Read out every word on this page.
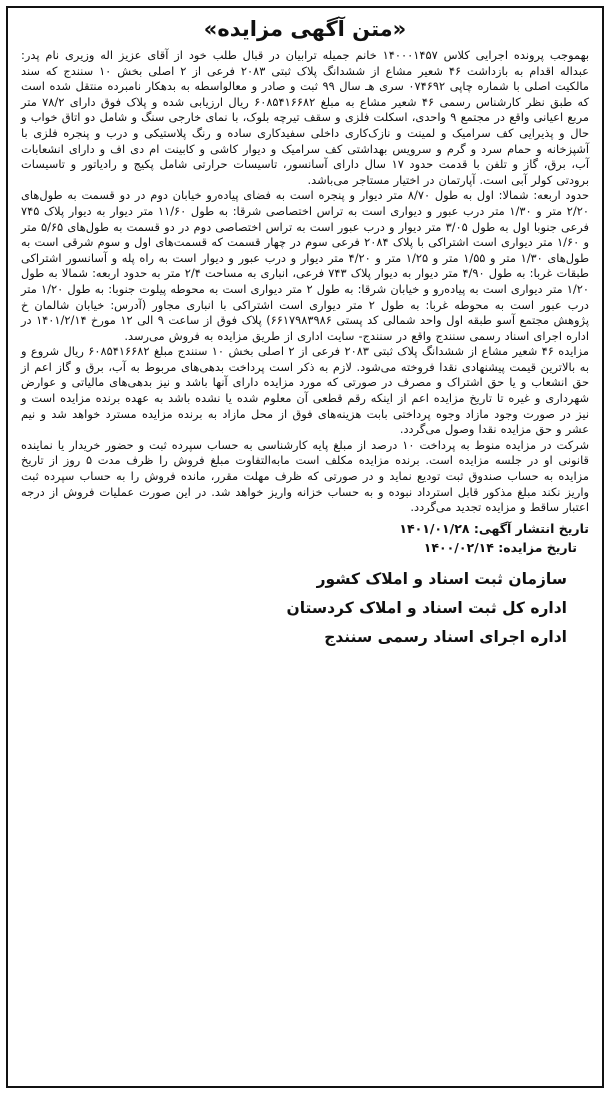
«متن آگهی مزایده»

بهموجب پرونده اجرایی کلاس ۱۴۰۰۰۱۴۵۷ خانم جمیله ترابیان در قبال طلب خود از آقای عزیز اله وزیری نام پدر: عبداله اقدام به بازداشت ۴۶ شعیر مشاع از ششدانگ پلاک ثبتی ۲۰۸۳ فرعی از ۲ اصلی بخش ۱۰ سنندج که سند مالکیت اصلی با شماره چاپی ۰۷۴۶۹۲ سری هـ سال ۹۹ ثبت و صادر و معالواسطه به بدهکار نامبرده منتقل شده است که طبق نظر کارشناس رسمی ۴۶ شعیر مشاع به مبلغ ۶۰۸۵۴۱۶۶۸۲ ریال ارزیابی شده و پلاک فوق دارای ۷۸/۲ متر مربع اعیانی واقع در مجتمع ۹ واحدی، اسکلت فلزی و سقف تیرچه بلوک، با نمای خارجی سنگ و شامل دو اتاق خواب و حال و پذیرایی کف سرامیک و لمینت و نازک‌کاری داخلی سفیدکاری ساده و رنگ پلاستیکی و درب و پنجره فلزی با آشپزخانه و حمام سرد و گرم و سرویس بهداشتی کف سرامیک و دیوار کاشی و کابینت ام دی اف و دارای انشعابات آب، برق، گاز و تلفن با قدمت حدود ۱۷ سال دارای آسانسور، تاسیسات حرارتی شامل پکیج و رادیاتور و تاسیسات برودتی کولر آبی است. آپارتمان در اختیار مستاجر می‌باشد.

حدود اربعه: شمالا: اول به طول ۸/۷۰ متر دیوار و پنجره است به فضای پیاده‌رو خیابان دوم در دو قسمت به طول‌های ۲/۲۰ متر و ۱/۳۰ متر درب عبور و دیواری است به تراس اختصاصی شرقا: به طول ۱۱/۶۰ متر دیوار به دیوار پلاک ۷۴۵ فرعی جنوبا اول به طول ۳/۰۵ متر دیوار و درب عبور است به تراس اختصاصی دوم در دو قسمت به طول‌های ۵/۶۵ متر و ۱/۶۰ متر دیواری است اشتراکی با پلاک ۲۰۸۴ فرعی سوم در چهار قسمت که قسمت‌های اول و سوم شرقی است به طول‌های ۱/۳۰ متر و ۱/۵۵ متر و ۱/۲۵ متر و ۴/۲۰ متر دیوار و درب عبور و دیوار است به راه پله و آسانسور اشتراکی طبقات غربا: به طول ۴/۹۰ متر دیوار به دیوار پلاک ۷۴۳ فرعی، انباری به مساحت ۲/۴ متر به حدود اربعه: شمالا به طول ۱/۲۰ متر دیواری است به پیاده‌رو و خیابان شرقا: به طول ۲ متر دیواری است به محوطه پیلوت جنوبا: به طول ۱/۲۰ متر درب عبور است به محوطه غربا: به طول ۲ متر دیواری است اشتراکی با انباری مجاور (آدرس: خیابان شالمان خ پژوهش مجتمع آسو طبقه اول واحد شمالی کد پستی ۶۶۱۷۹۸۳۹۸۶) پلاک فوق از ساعت ۹ الی ۱۲ مورخ ۱۴۰۱/۲/۱۴ در اداره اجرای اسناد رسمی سنندج واقع در سنندج- سایت اداری از طریق مزایده به فروش می‌رسد.

مزایده ۴۶ شعیر مشاع از ششدانگ پلاک ثبتی ۲۰۸۳ فرعی از ۲ اصلی بخش ۱۰ سنندج مبلغ ۶۰۸۵۴۱۶۶۸۲ ریال شروع و به بالاترین قیمت پیشنهادی نقدا فروخته می‌شود. لازم به ذکر است پرداخت بدهی‌های مربوط به آب، برق و گاز اعم از حق انشعاب و یا حق اشتراک و مصرف در صورتی که مورد مزایده دارای آنها باشد و نیز بدهی‌های مالیاتی و عوارض شهرداری و غیره تا تاریخ مزایده اعم از اینکه رقم قطعی آن معلوم شده یا نشده باشد به عهده برنده مزایده است و نیز در صورت وجود مازاد وجوه پرداختی بابت هزینه‌های فوق از محل مازاد به برنده مزایده مسترد خواهد شد و نیم عشر و حق مزایده نقدا وصول می‌گردد.

شرکت در مزایده منوط به پرداخت ۱۰ درصد از مبلغ پایه کارشناسی به حساب سپرده ثبت و حضور خریدار یا نماینده قانونی او در جلسه مزایده است. برنده مزایده مکلف است مابه‌التفاوت مبلغ فروش را ظرف مدت ۵ روز از تاریخ مزایده به حساب صندوق ثبت تودیع نماید و در صورتی که ظرف مهلت مقرر، مانده فروش را به حساب سپرده ثبت واریز نکند مبلغ مذکور قابل استرداد نبوده و به حساب خزانه واریز خواهد شد. در این صورت عملیات فروش از درجه اعتبار ساقط و مزایده تجدید می‌گردد.

تاریخ انتشار آگهی: ۱۴۰۱/۰۱/۲۸
تاریخ مزایده: ۱۴۰۰/۰۲/۱۴
سازمان ثبت اسناد و املاک کشور
اداره کل ثبت اسناد و املاک کردستان
اداره اجرای اسناد رسمی سنندج
